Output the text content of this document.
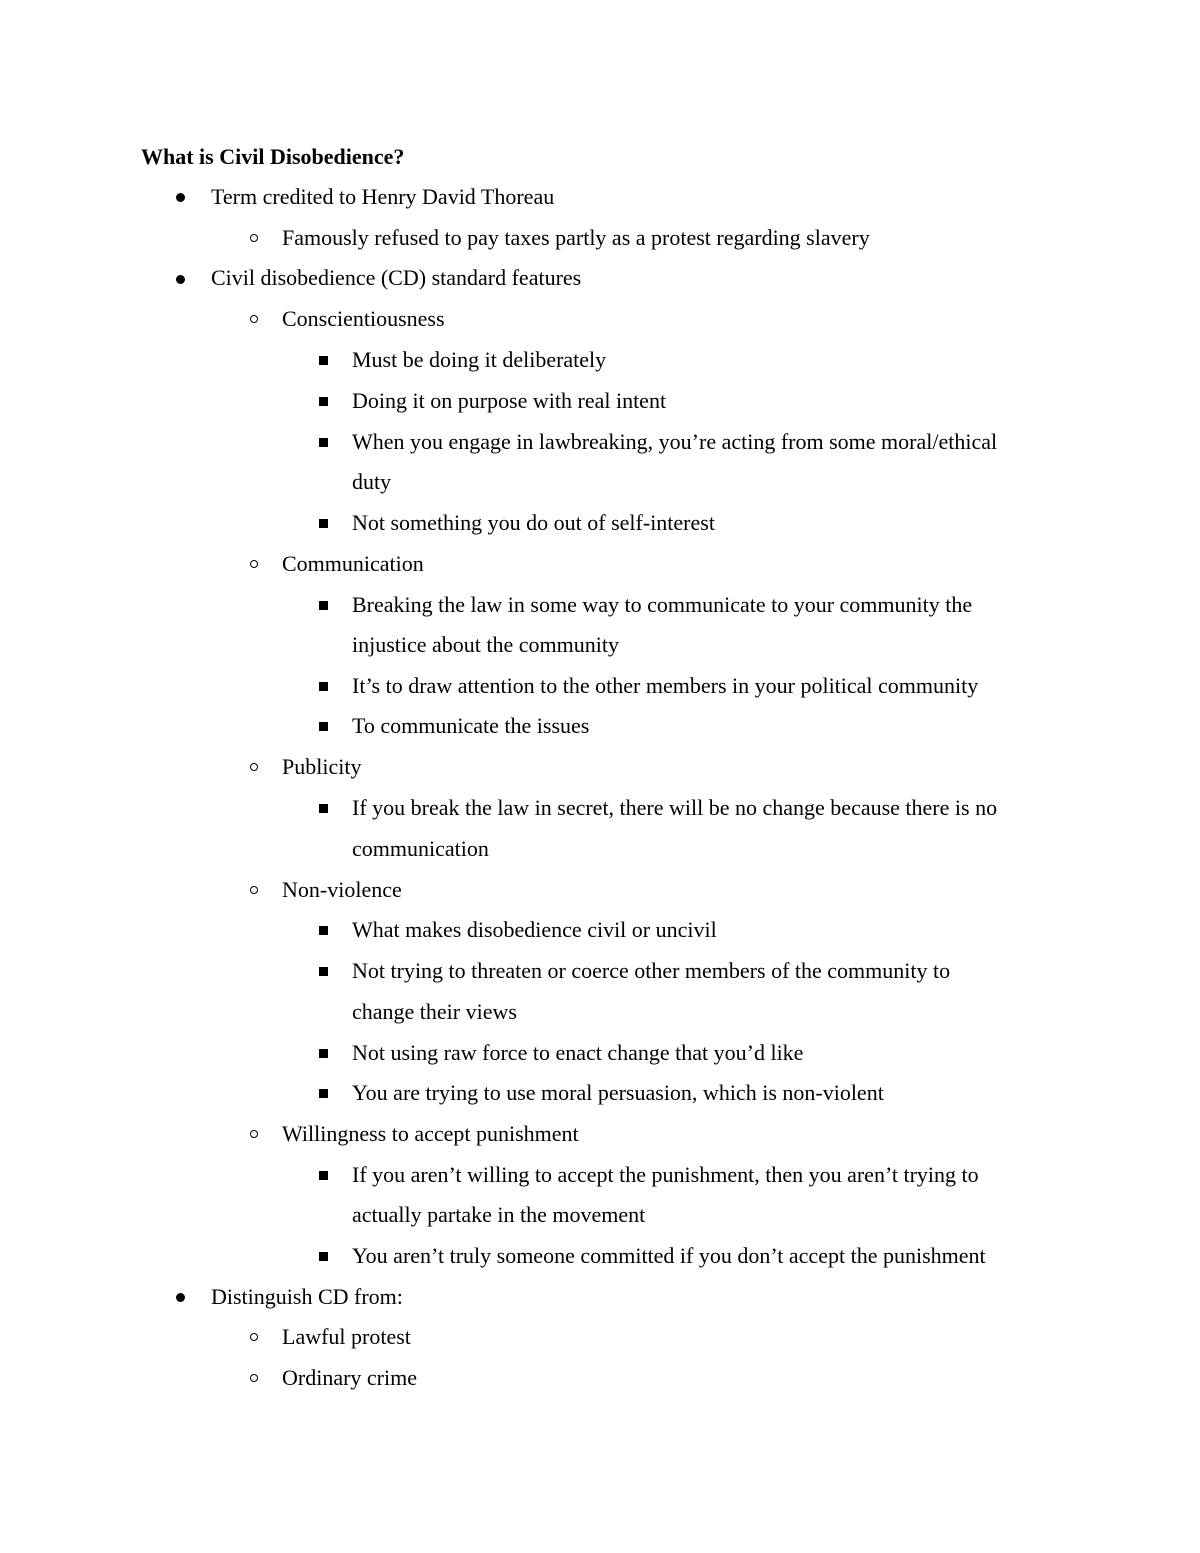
What is Civil Disobedience?
Term credited to Henry David Thoreau
Famously refused to pay taxes partly as a protest regarding slavery
Civil disobedience (CD) standard features
Conscientiousness
Must be doing it deliberately
Doing it on purpose with real intent
When you engage in lawbreaking, you’re acting from some moral/ethical
duty
Not something you do out of self-interest
Communication
Breaking the law in some way to communicate to your community the
injustice about the community
It’s to draw attention to the other members in your political community
To communicate the issues
Publicity
If you break the law in secret, there will be no change because there is no
communication
Non-violence
What makes disobedience civil or uncivil
Not trying to threaten or coerce other members of the community to
change their views
Not using raw force to enact change that you’d like
You are trying to use moral persuasion, which is non-violent
Willingness to accept punishment
If you aren’t willing to accept the punishment, then you aren’t trying to
actually partake in the movement
You aren’t truly someone committed if you don’t accept the punishment
Distinguish CD from:
Lawful protest
Ordinary crime
